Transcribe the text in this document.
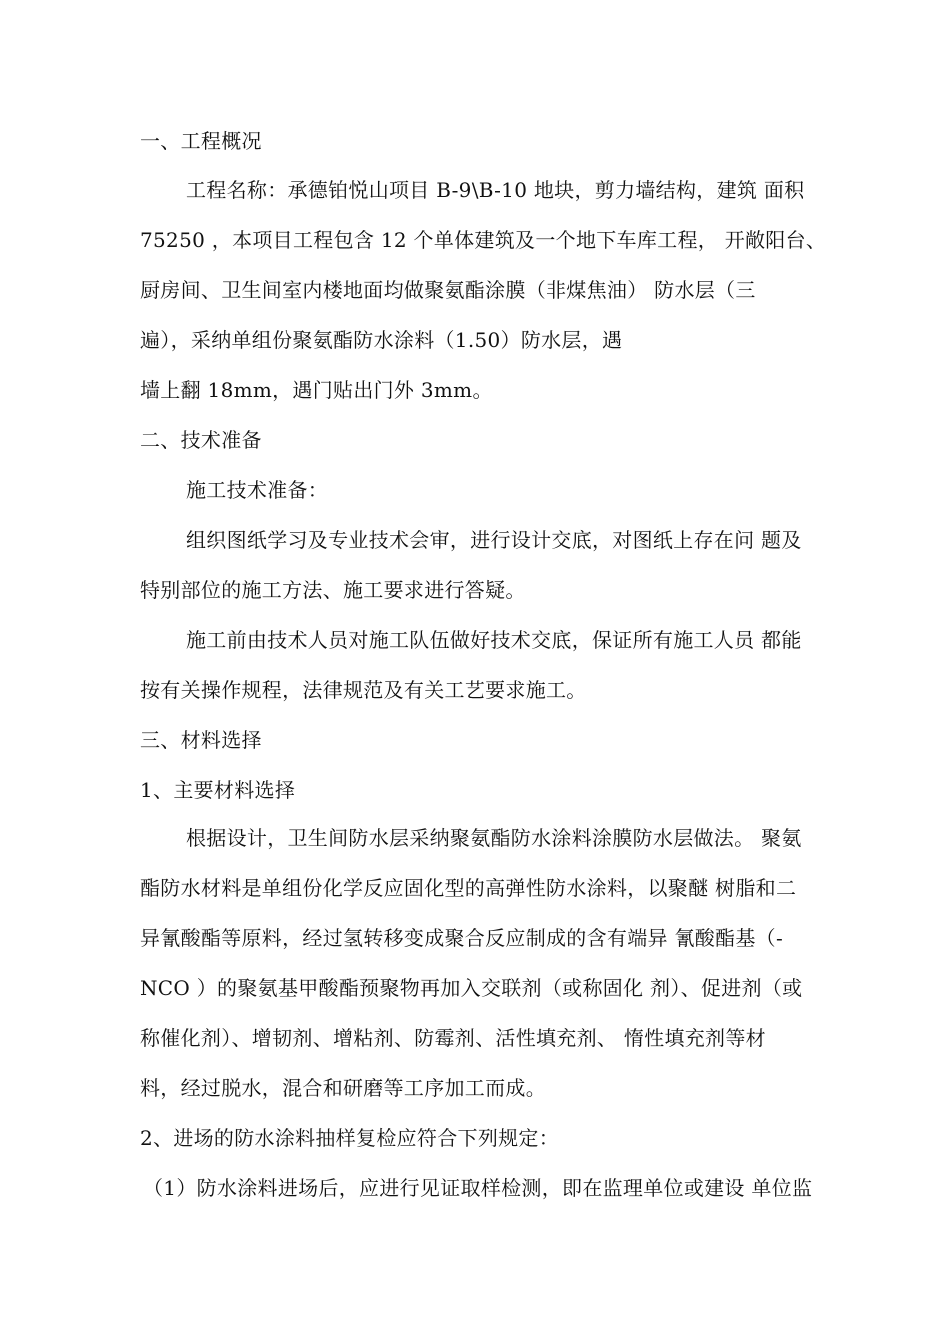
一、工程概况
工程名称：承德铂悦山项目 B-9\B-10 地块，剪力墙结构，建筑 面积
75250 ，本项目工程包含 12 个单体建筑及一个地下车库工程， 开敞阳台、
厨房间、卫生间室内楼地面均做聚氨酯涂膜（非煤焦油） 防水层（三
遍），采纳单组份聚氨酯防水涂料（1.50）防水层，遇
墙上翻 18mm，遇门贴出门外 3mm。
二、技术准备
施工技术准备：
组织图纸学习及专业技术会审，进行设计交底，对图纸上存在问 题及
特别部位的施工方法、施工要求进行答疑。
施工前由技术人员对施工队伍做好技术交底，保证所有施工人员 都能
按有关操作规程，法律规范及有关工艺要求施工。
三、材料选择
1、主要材料选择
根据设计，卫生间防水层采纳聚氨酯防水涂料涂膜防水层做法。 聚氨
酯防水材料是单组份化学反应固化型的高弹性防水涂料，以聚醚 树脂和二
异氰酸酯等原料，经过氢转移变成聚合反应制成的含有端异 氰酸酯基（-
NCO ）的聚氨基甲酸酯预聚物再加入交联剂（或称固化 剂）、促进剂（或
称催化剂）、增韧剂、增粘剂、防霉剂、活性填充剂、 惰性填充剂等材
料，经过脱水，混合和研磨等工序加工而成。
2、进场的防水涂料抽样复检应符合下列规定：
（1）防水涂料进场后，应进行见证取样检测，即在监理单位或建设 单位监
